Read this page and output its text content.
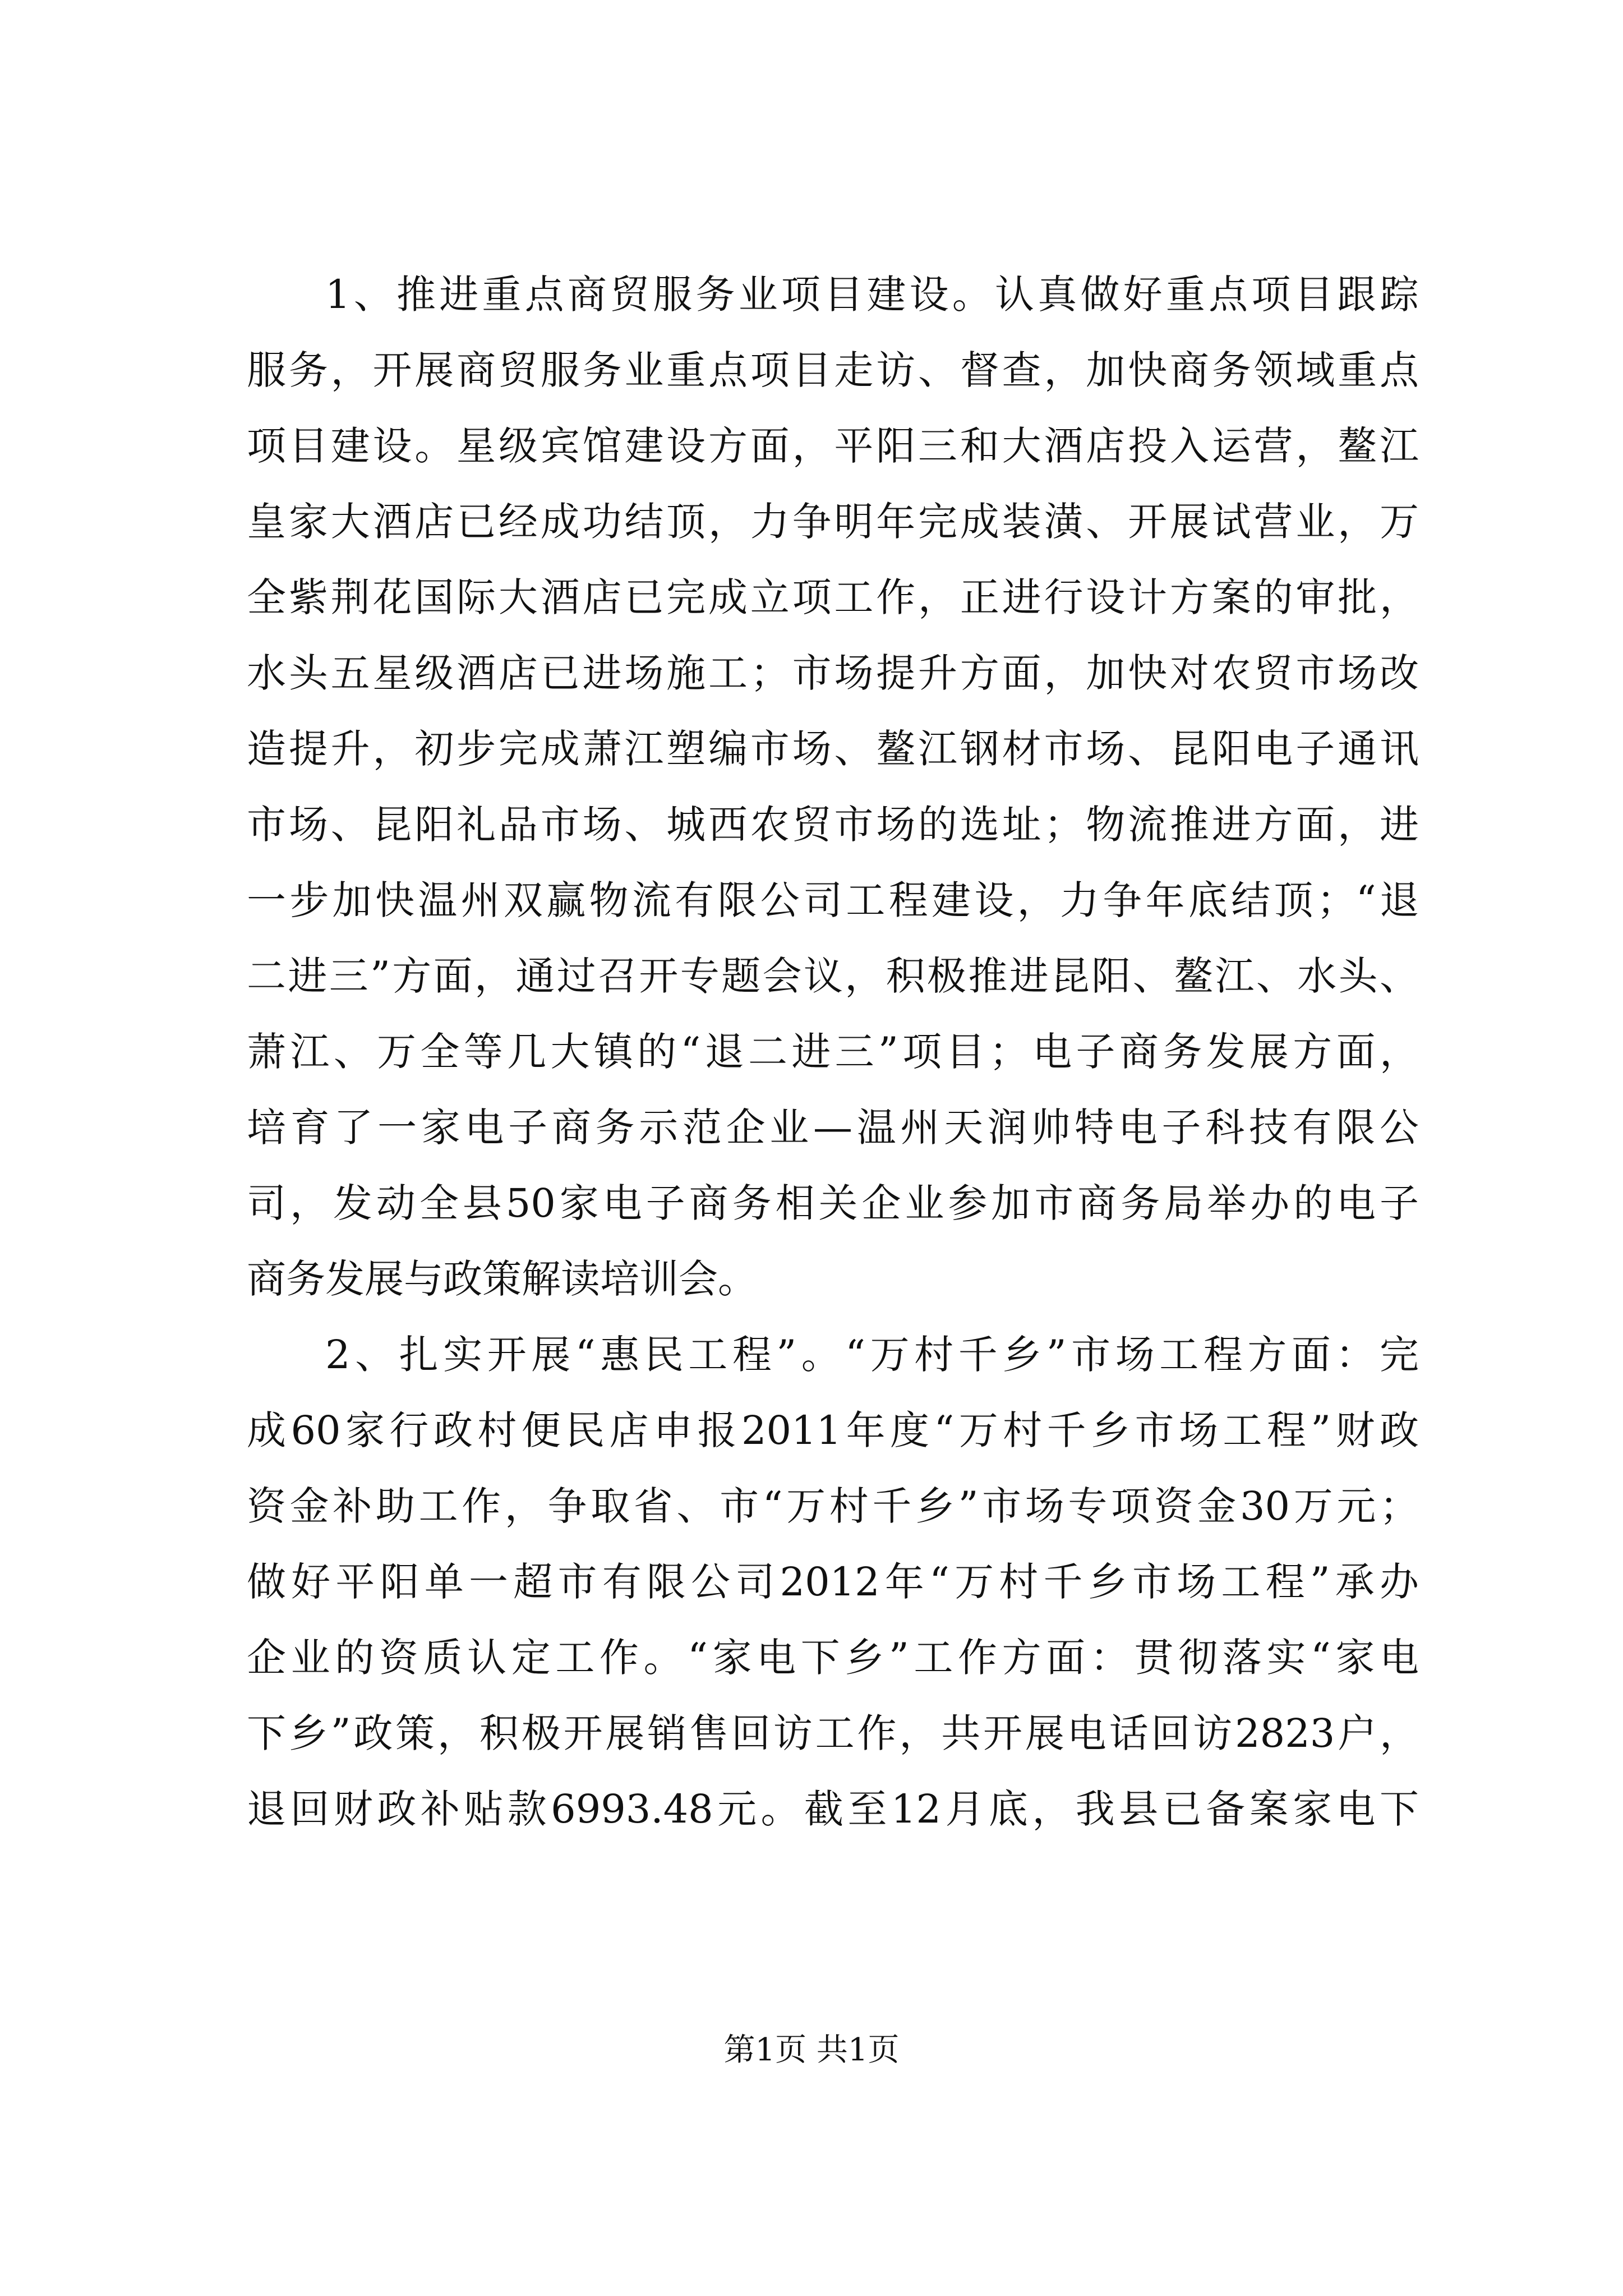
1、推进重点商贸服务业项目建设。认真做好重点项目跟踪
服务，开展商贸服务业重点项目走访、督查，加快商务领域重点
项目建设。星级宾馆建设方面，平阳三和大酒店投入运营，鳌江
皇家大酒店已经成功结顶，力争明年完成装潢、开展试营业，万
全紫荆花国际大酒店已完成立项工作，正进行设计方案的审批，
水头五星级酒店已进场施工；市场提升方面，加快对农贸市场改
造提升，初步完成萧江塑编市场、鳌江钢材市场、昆阳电子通讯
市场、昆阳礼品市场、城西农贸市场的选址；物流推进方面，进
一步加快温州双赢物流有限公司工程建设，力争年底结顶；“退
二进三”方面，通过召开专题会议，积极推进昆阳、鳌江、水头、
萧江、万全等几大镇的“退二进三”项目；电子商务发展方面，
培育了一家电子商务示范企业—温州天润帅特电子科技有限公
司，发动全县50家电子商务相关企业参加市商务局举办的电子
商务发展与政策解读培训会。
2、扎实开展“惠民工程”。“万村千乡”市场工程方面：完
成60家行政村便民店申报2011年度“万村千乡市场工程”财政
资金补助工作，争取省、市“万村千乡”市场专项资金30万元；
做好平阳单一超市有限公司2012年“万村千乡市场工程”承办
企业的资质认定工作。“家电下乡”工作方面：贯彻落实“家电
下乡”政策，积极开展销售回访工作，共开展电话回访2823户，
退回财政补贴款6993.48元。截至12月底，我县已备案家电下
第1页 共1页
